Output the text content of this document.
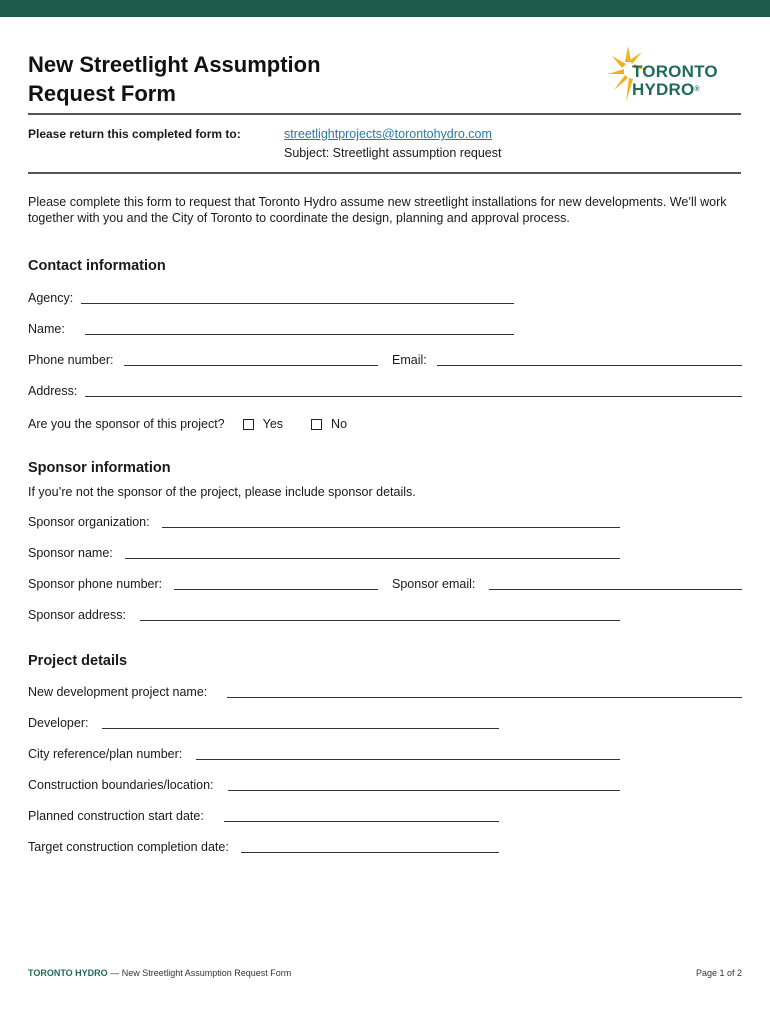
New Streetlight Assumption
Request Form
TORONTO
HYDRO®
Please return this completed form to:	streetlightprojects@torontohydro.com
Subject: Streetlight assumption request
Please complete this form to request that Toronto Hydro assume new streetlight installations for new developments. We’ll work together with you and the City of Toronto to coordinate the design, planning and approval process.
Contact information
Agency:
Name:
Phone number:	Email:
Address:
Are you the sponsor of this project?	Yes	No
Sponsor information
If you’re not the sponsor of the project, please include sponsor details.
Sponsor organization:
Sponsor name:
Sponsor phone number:	Sponsor email:
Sponsor address:
Project details
New development project name:
Developer:
City reference/plan number:
Construction boundaries/location:
Planned construction start date:
Target construction completion date:
TORONTO HYDRO — New Streetlight Assumption Request Form	Page 1 of 2
